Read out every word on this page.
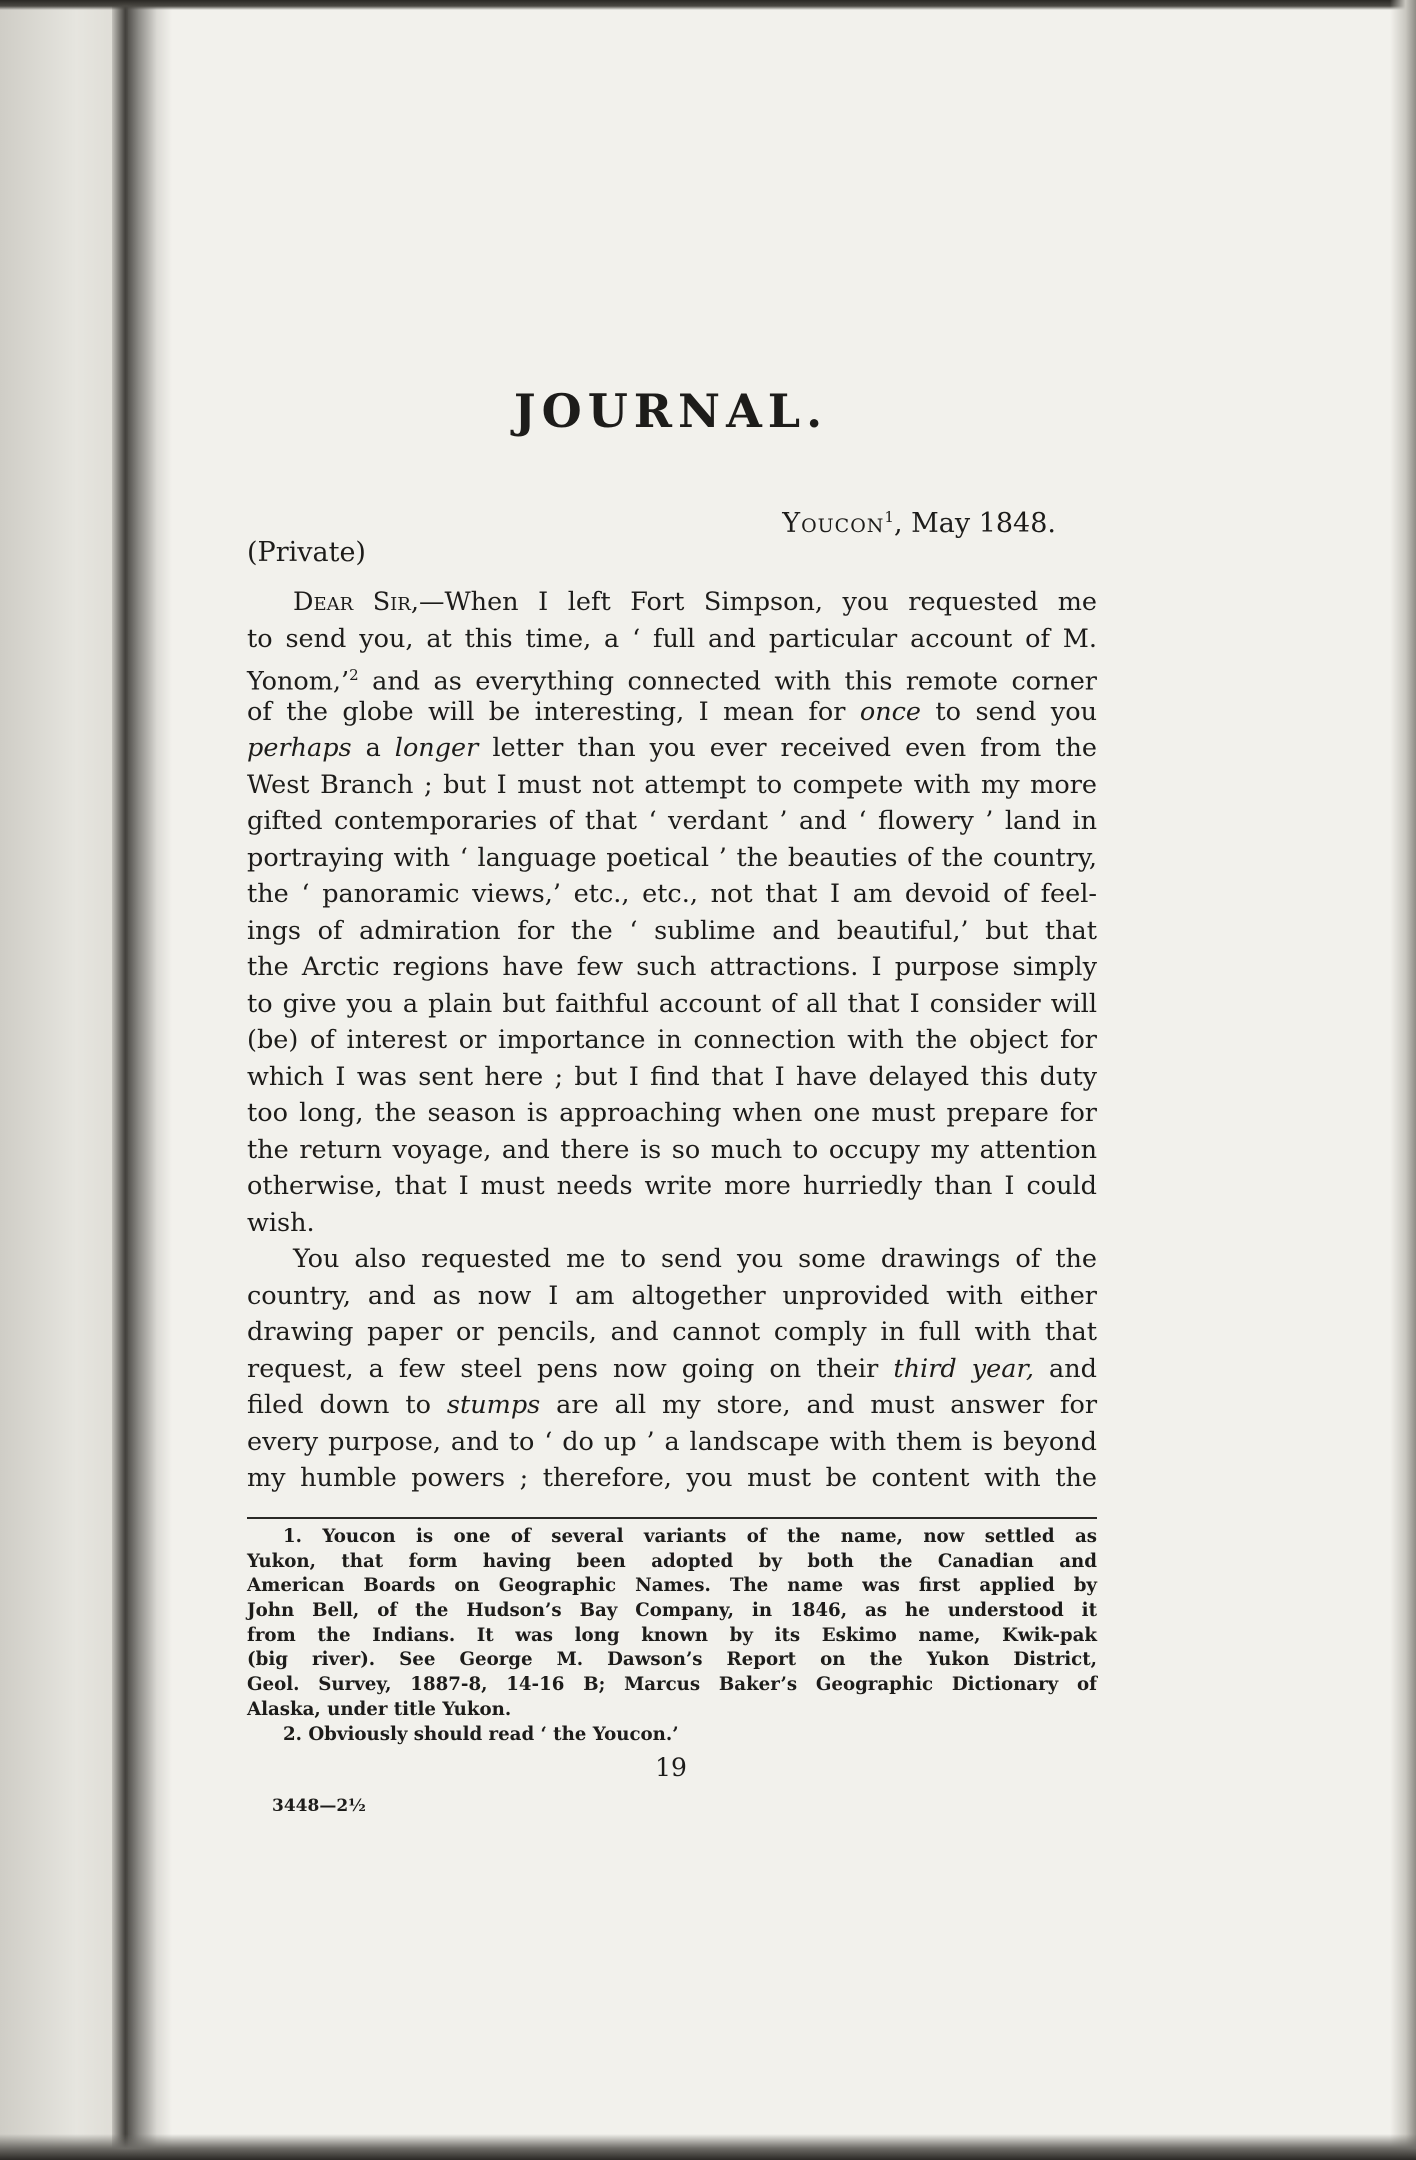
JOURNAL.
Youcon$^1$, May 1848.
(Private)
Dear Sir,—When I left Fort Simpson, you requested me
to send you, at this time, a ‘ full and particular account of M.
Yonom,’$^2$ and as everything connected with this remote corner
of the globe will be interesting, I mean for once to send you
perhaps a longer letter than you ever received even from the
West Branch ; but I must not attempt to compete with my more
gifted contemporaries of that ‘ verdant ’ and ‘ flowery ’ land in
portraying with ‘ language poetical ’ the beauties of the country,
the ‘ panoramic views,’ etc., etc., not that I am devoid of feel-
ings of admiration for the ‘ sublime and beautiful,’ but that
the Arctic regions have few such attractions. I purpose simply
to give you a plain but faithful account of all that I consider will
(be) of interest or importance in connection with the object for
which I was sent here ; but I find that I have delayed this duty
too long, the season is approaching when one must prepare for
the return voyage, and there is so much to occupy my attention
otherwise, that I must needs write more hurriedly than I could
wish.
You also requested me to send you some drawings of the
country, and as now I am altogether unprovided with either
drawing paper or pencils, and cannot comply in full with that
request, a few steel pens now going on their third year, and
filed down to stumps are all my store, and must answer for
every purpose, and to ‘ do up ’ a landscape with them is beyond
my humble powers ; therefore, you must be content with the
1. Youcon is one of several variants of the name, now settled as
Yukon, that form having been adopted by both the Canadian and
American Boards on Geographic Names. The name was first applied by
John Bell, of the Hudson’s Bay Company, in 1846, as he understood it
from the Indians. It was long known by its Eskimo name, Kwik-pak
(big river). See George M. Dawson’s Report on the Yukon District,
Geol. Survey, 1887-8, 14-16 B; Marcus Baker’s Geographic Dictionary of
Alaska, under title Yukon.
2. Obviously should read ‘ the Youcon.’
19
3448—2½
